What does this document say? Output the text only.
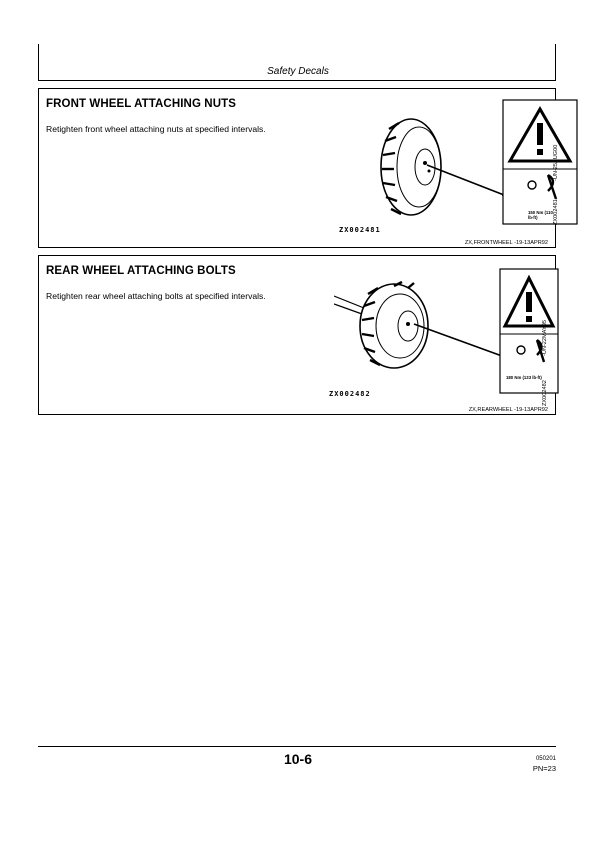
Safety Decals
FRONT WHEEL ATTACHING NUTS
Retighten front wheel attaching nuts at specified intervals.
150 Nm (110 lb-ft)
ZX002481
ZX002481
-UN-25AUG00
ZX,FRONTWHEEL -19-13APR92
REAR WHEEL ATTACHING BOLTS
Retighten rear wheel attaching bolts at specified intervals.
180 Nm (133 lb-ft)
ZX002482	ZX002482
-UN-22MAY95
ZX,REARWHEEL -19-13APR92
10-6	050201
PN=23
